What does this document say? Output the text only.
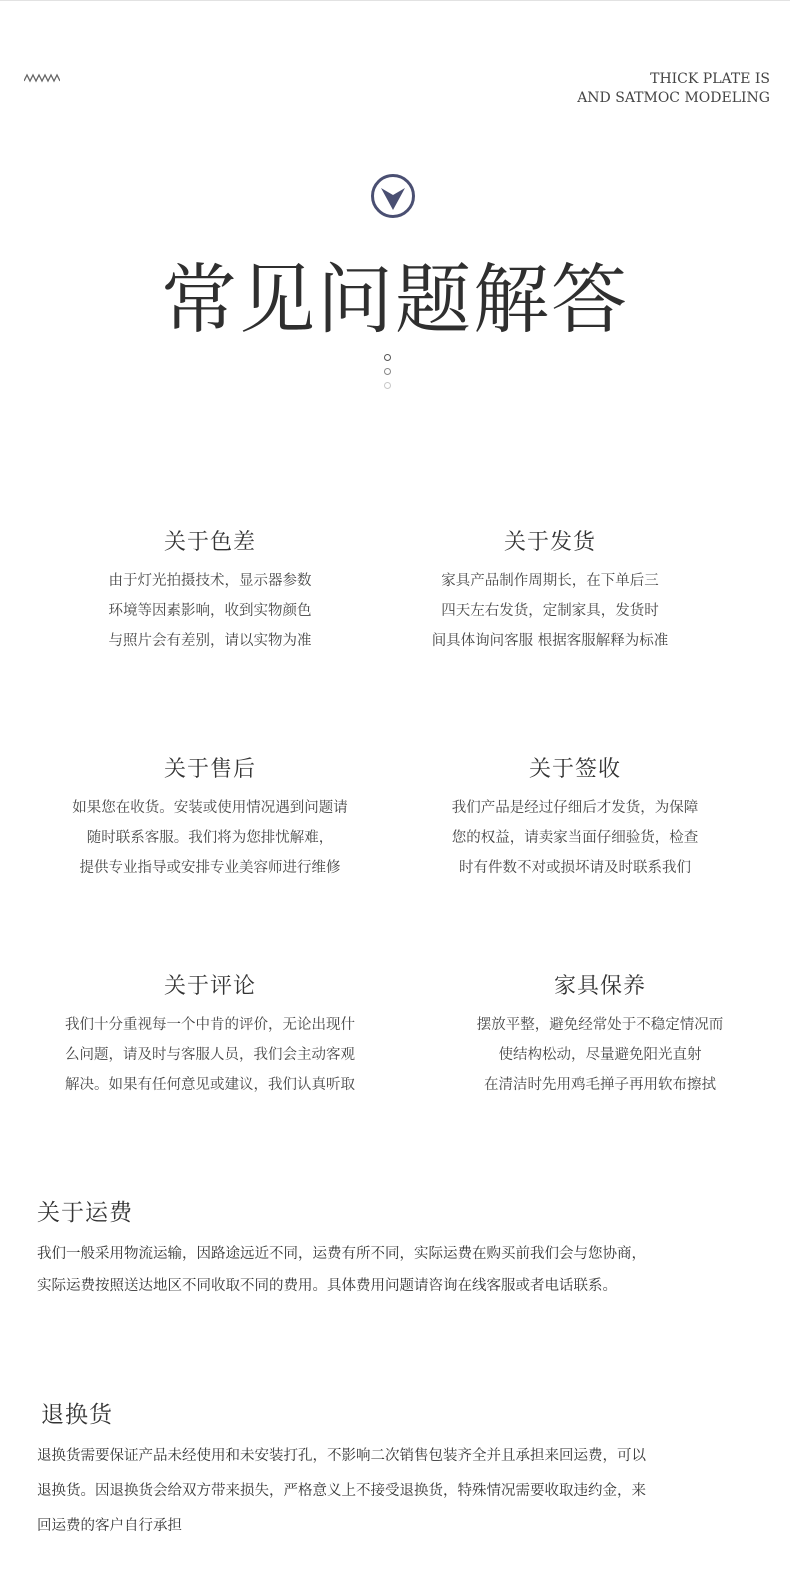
THICK PLATE IS
AND SATMOC MODELING
常见问题解答
关于色差
由于灯光拍摄技术，显示器参数
环境等因素影响，收到实物颜色
与照片会有差别，请以实物为准
关于发货
家具产品制作周期长，在下单后三
四天左右发货，定制家具，发货时
间具体询问客服 根据客服解释为标准
关于售后
如果您在收货。安装或使用情况遇到问题请
随时联系客服。我们将为您排忧解难，
提供专业指导或安排专业美容师进行维修
关于签收
我们产品是经过仔细后才发货，为保障
您的权益，请卖家当面仔细验货，检查
时有件数不对或损坏请及时联系我们
关于评论
我们十分重视每一个中肯的评价，无论出现什
么问题，请及时与客服人员，我们会主动客观
解决。如果有任何意见或建议，我们认真听取
家具保养
摆放平整，避免经常处于不稳定情况而
使结构松动，尽量避免阳光直射
在清洁时先用鸡毛掸子再用软布擦拭
关于运费
我们一般采用物流运输，因路途远近不同，运费有所不同，实际运费在购买前我们会与您协商，
实际运费按照送达地区不同收取不同的费用。具体费用问题请咨询在线客服或者电话联系。
退换货
退换货需要保证产品未经使用和未安装打孔，不影响二次销售包装齐全并且承担来回运费，可以
退换货。因退换货会给双方带来损失，严格意义上不接受退换货，特殊情况需要收取违约金，来
回运费的客户自行承担
